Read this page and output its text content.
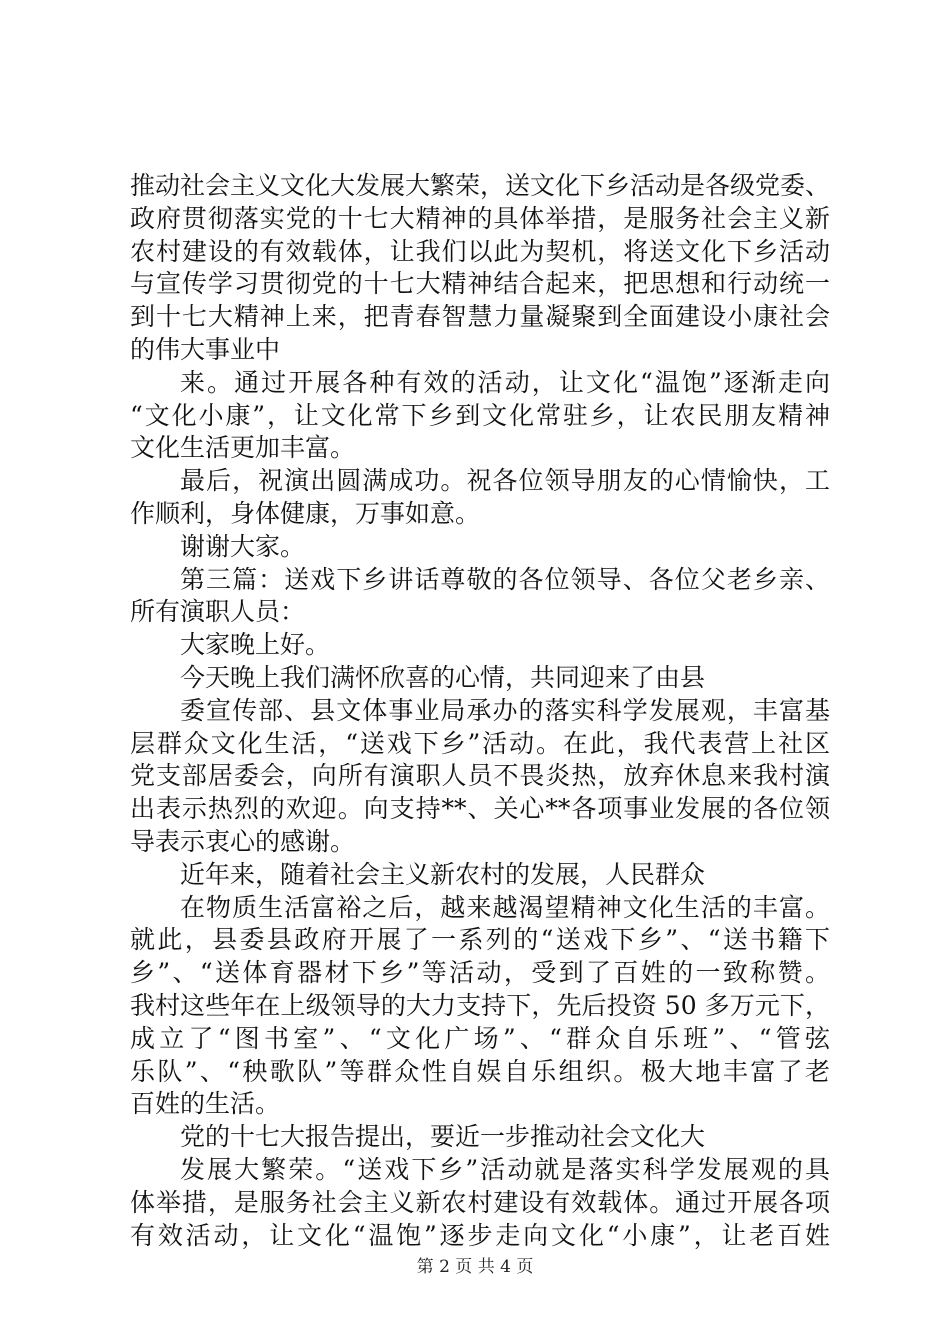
推动社会主义文化大发展大繁荣，送文化下乡活动是各级党委、
政府贯彻落实党的十七大精神的具体举措，是服务社会主义新
农村建设的有效载体，让我们以此为契机，将送文化下乡活动
与宣传学习贯彻党的十七大精神结合起来，把思想和行动统一
到十七大精神上来，把青春智慧力量凝聚到全面建设小康社会
的伟大事业中
来。通过开展各种有效的活动，让文化“温饱”逐渐走向
“文化小康”，让文化常下乡到文化常驻乡，让农民朋友精神
文化生活更加丰富。
最后，祝演出圆满成功。祝各位领导朋友的心情愉快，工
作顺利，身体健康，万事如意。
谢谢大家。
第三篇：送戏下乡讲话尊敬的各位领导、各位父老乡亲、
所有演职人员：
大家晚上好。
今天晚上我们满怀欣喜的心情，共同迎来了由县
委宣传部、县文体事业局承办的落实科学发展观，丰富基
层群众文化生活，“送戏下乡”活动。在此，我代表营上社区
党支部居委会，向所有演职人员不畏炎热，放弃休息来我村演
出表示热烈的欢迎。向支持**、关心**各项事业发展的各位领
导表示衷心的感谢。
近年来，随着社会主义新农村的发展，人民群众
在物质生活富裕之后，越来越渴望精神文化生活的丰富。
就此，县委县政府开展了一系列的“送戏下乡”、“送书籍下
乡”、“送体育器材下乡”等活动，受到了百姓的一致称赞。
我村这些年在上级领导的大力支持下，先后投资 50 多万元下，
成立了“图书室”、“文化广场”、“群众自乐班”、“管弦
乐队”、“秧歌队”等群众性自娱自乐组织。极大地丰富了老
百姓的生活。
党的十七大报告提出，要近一步推动社会文化大
发展大繁荣。“送戏下乡”活动就是落实科学发展观的具
体举措，是服务社会主义新农村建设有效载体。通过开展各项
有效活动，让文化“温饱”逐步走向文化“小康”，让老百姓
第 2 页 共 4 页
